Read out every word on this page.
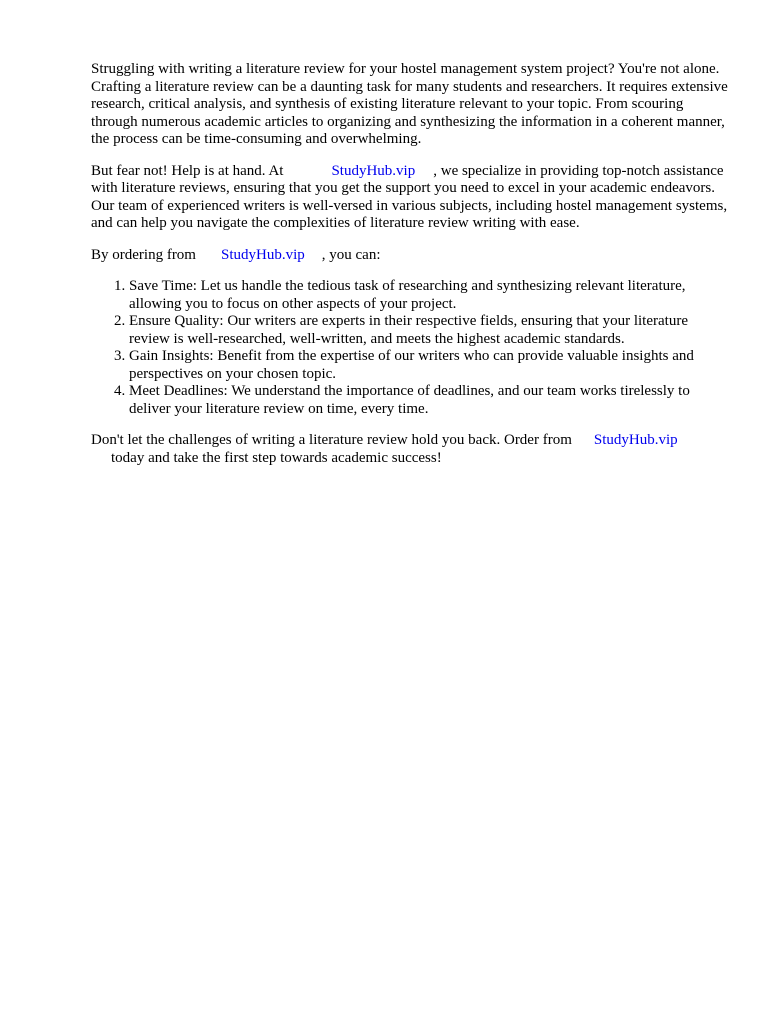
Struggling with writing a literature review for your hostel management system project? You're not alone. Crafting a literature review can be a daunting task for many students and researchers. It requires extensive research, critical analysis, and synthesis of existing literature relevant to your topic. From scouring through numerous academic articles to organizing and synthesizing the information in a coherent manner, the process can be time-consuming and overwhelming.

But fear not! Help is at hand. At	StudyHub.vip , we specialize in providing top-notch assistance with literature reviews, ensuring that you get the support you need to excel in your academic endeavors. Our team of experienced writers is well-versed in various subjects, including hostel management systems, and can help you navigate the complexities of literature review writing with ease.

By ordering from StudyHub.vip , you can:

1. Save Time: Let us handle the tedious task of researching and synthesizing relevant literature, allowing you to focus on other aspects of your project.
2. Ensure Quality: Our writers are experts in their respective fields, ensuring that your literature review is well-researched, well-written, and meets the highest academic standards.
3. Gain Insights: Benefit from the expertise of our writers who can provide valuable insights and perspectives on your chosen topic.
4. Meet Deadlines: We understand the importance of deadlines, and our team works tirelessly to deliver your literature review on time, every time.

Don't let the challenges of writing a literature review hold you back. Order from StudyHub.vip
today and take the first step towards academic success!
